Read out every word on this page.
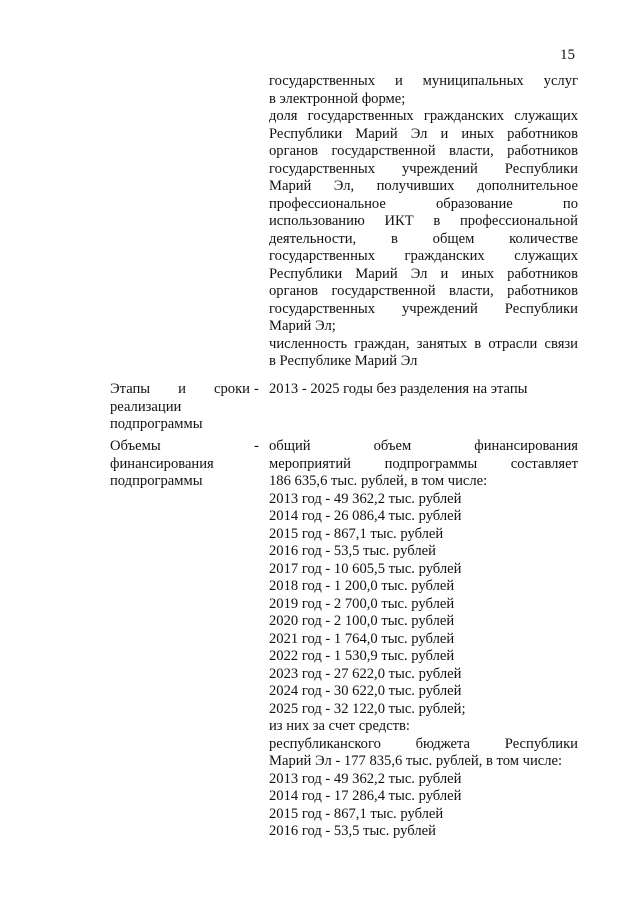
15
государственных и муниципальных услуг
в электронной форме;
доля государственных гражданских служащих
Республики Марий Эл и иных работников
органов государственной власти, работников
государственных учреждений Республики
Марий Эл, получивших дополнительное
профессиональное образование по
использованию ИКТ в профессиональной
деятельности, в общем количестве
государственных гражданских служащих
Республики Марий Эл и иных работников
органов государственной власти, работников
государственных учреждений Республики
Марий Эл;
численность граждан, занятых в отрасли связи
в Республике Марий Эл
Этапы и сроки
реализации
подпрограммы
- 2013 - 2025 годы без разделения на этапы
Объемы
финансирования
подпрограммы
- общий объем финансирования
мероприятий подпрограммы составляет
186 635,6 тыс. рублей, в том числе:
2013 год - 49 362,2 тыс. рублей
2014 год - 26 086,4 тыс. рублей
2015 год - 867,1 тыс. рублей
2016 год - 53,5 тыс. рублей
2017 год - 10 605,5 тыс. рублей
2018 год - 1 200,0 тыс. рублей
2019 год - 2 700,0 тыс. рублей
2020 год - 2 100,0 тыс. рублей
2021 год - 1 764,0 тыс. рублей
2022 год - 1 530,9 тыс. рублей
2023 год - 27 622,0 тыс. рублей
2024 год - 30 622,0 тыс. рублей
2025 год - 32 122,0 тыс. рублей;
из них за счет средств:
республиканского бюджета Республики
Марий Эл - 177 835,6 тыс. рублей, в том числе:
2013 год - 49 362,2 тыс. рублей
2014 год - 17 286,4 тыс. рублей
2015 год - 867,1 тыс. рублей
2016 год - 53,5 тыс. рублей
